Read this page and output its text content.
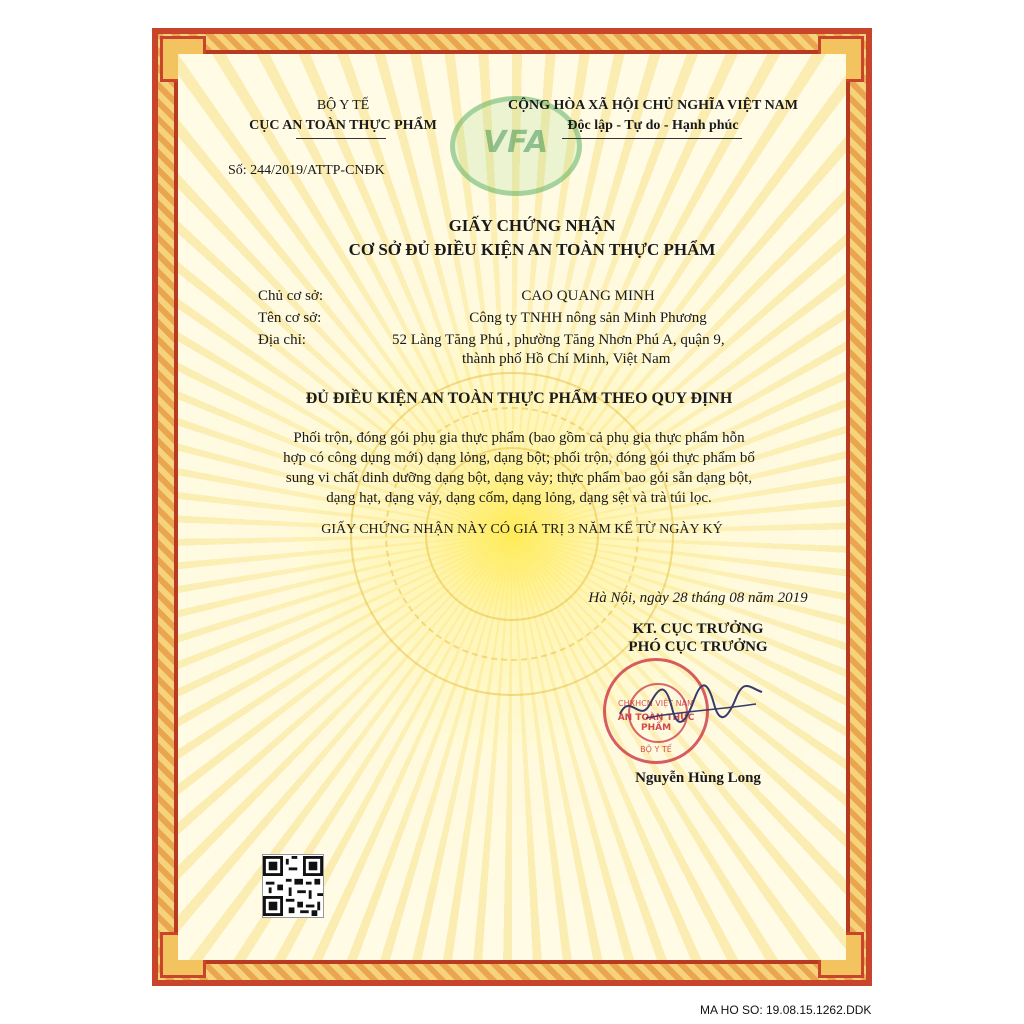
VFA
BỘ Y TẾ
CỤC AN TOÀN THỰC PHẨM
Số: 244/2019/ATTP-CNĐK
CỘNG HÒA XÃ HỘI CHỦ NGHĨA VIỆT NAM
Độc lập - Tự do - Hạnh phúc
GIẤY CHỨNG NHẬN
CƠ SỞ ĐỦ ĐIỀU KIỆN AN TOÀN THỰC PHẨM
Chủ cơ sở:	CAO QUANG MINH
Tên cơ sở:	Công ty TNHH nông sản Minh Phương
Địa chỉ:	52 Làng Tăng Phú , phường Tăng Nhơn Phú A, quận 9,
thành phố Hồ Chí Minh, Việt Nam
ĐỦ ĐIỀU KIỆN AN TOÀN THỰC PHẨM THEO QUY ĐỊNH
Phối trộn, đóng gói phụ gia thực phẩm (bao gồm cả phụ gia thực phẩm hỗn
hợp có công dụng mới) dạng lỏng, dạng bột; phối trộn, đóng gói thực phẩm bổ
sung vi chất dinh dưỡng dạng bột, dạng vảy; thực phẩm bao gói sẵn dạng bột,
dạng hạt, dạng vảy, dạng cốm, dạng lỏng, dạng sệt và trà túi lọc.
GIẤY CHỨNG NHẬN NÀY CÓ GIÁ TRỊ 3 NĂM KỂ TỪ NGÀY KÝ
Hà Nội, ngày 28 tháng 08 năm 2019
KT. CỤC TRƯỞNG
PHÓ CỤC TRƯỞNG
CHXHCN VIỆT NAM
AN TOÀN THỰC PHẨM
BỘ Y TẾ
Nguyễn Hùng Long
MA HO SO: 19.08.15.1262.DDK
